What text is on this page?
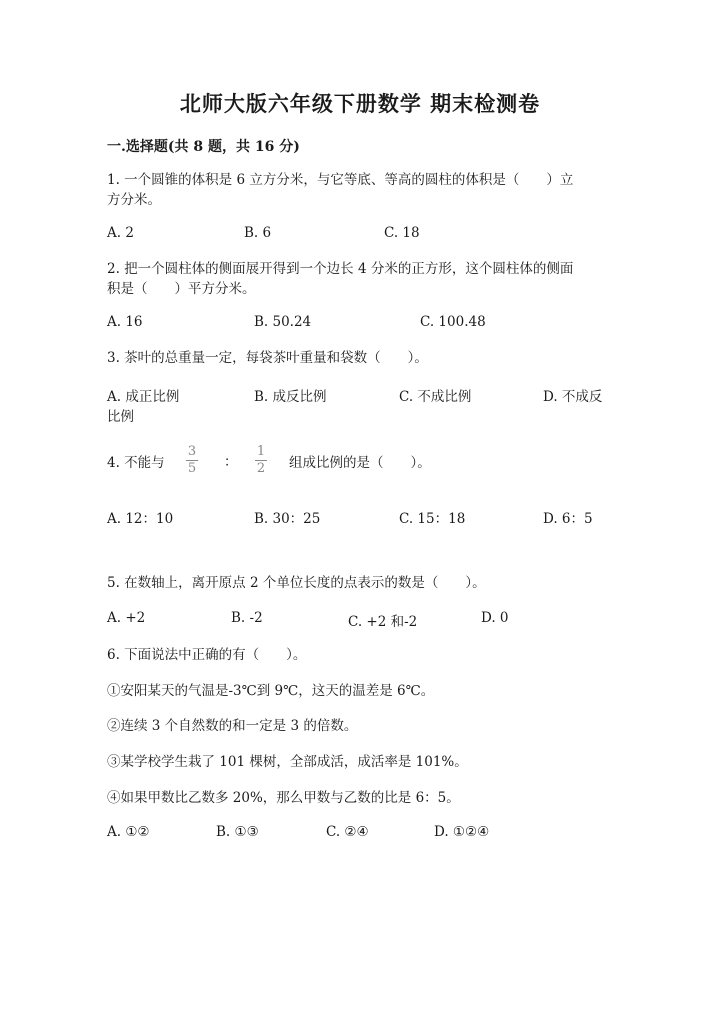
北师大版六年级下册数学 期末检测卷
一.选择题(共 8 题，共 16 分)
1. 一个圆锥的体积是 6 立方分米，与它等底、等高的圆柱的体积是（　　）立
方分米。
A. 2	B. 6	C. 18
2. 把一个圆柱体的侧面展开得到一个边长 4 分米的正方形，这个圆柱体的侧面
积是（　　）平方分米。
A. 16	B. 50.24	C. 100.48
3. 茶叶的总重量一定，每袋茶叶重量和袋数（　　）。
A. 成正比例	B. 成反比例	C. 不成比例	D. 不成反
比例
4. 不能与
3
5 ：
1
2 组成比例的是（　　）。
A. 12：10	B. 30：25	C. 15：18	D. 6：5
5. 在数轴上，离开原点 2 个单位长度的点表示的数是（　　）。
A. +2	B. -2	C. +2 和-2	D. 0
6. 下面说法中正确的有（　　）。
①安阳某天的气温是-3℃到 9℃，这天的温差是 6℃。
②连续 3 个自然数的和一定是 3 的倍数。
③某学校学生栽了 101 棵树，全部成活，成活率是 101%。
④如果甲数比乙数多 20%，那么甲数与乙数的比是 6：5。
A. ①②	B. ①③	C. ②④	D. ①②④
